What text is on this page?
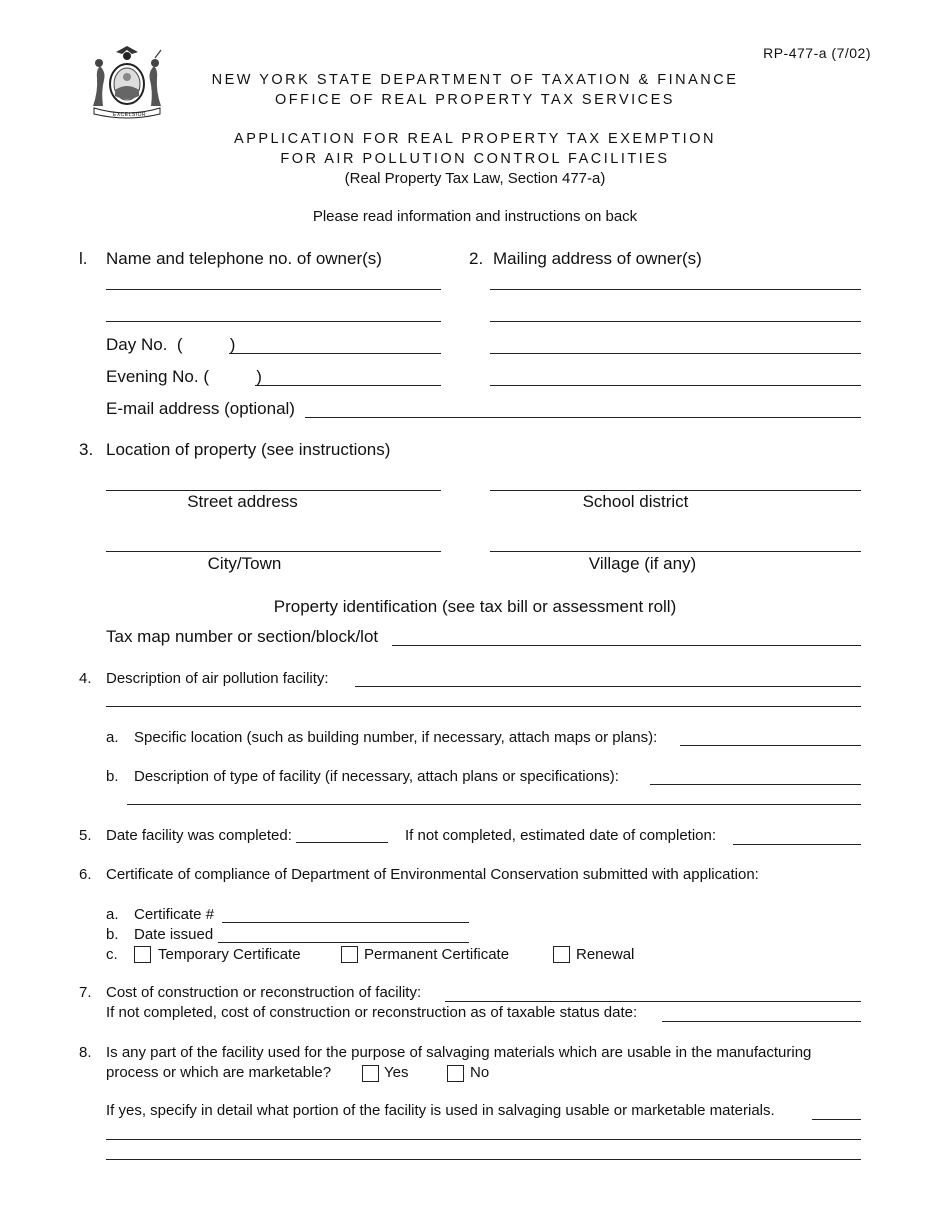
EXCELSIOR
RP-477-a (7/02)
NEW YORK STATE DEPARTMENT OF TAXATION & FINANCE
OFFICE OF REAL PROPERTY TAX SERVICES
APPLICATION FOR REAL PROPERTY TAX EXEMPTION
FOR AIR POLLUTION CONTROL FACILITIES
(Real Property Tax Law, Section 477-a)
Please read information and instructions on back
l. Name and telephone no. of owner(s)
Day No.  (          )
Evening No. (          )
E-mail address (optional)
2. Mailing address of owner(s)
3. Location of property (see instructions)
Street address	School district
City/Town	Village (if any)
Property identification (see tax bill or assessment roll)
Tax map number or section/block/lot
4. Description of air pollution facility:
a. Specific location (such as building number, if necessary, attach maps or plans):
b. Description of type of facility (if necessary, attach plans or specifications):
5. Date facility was completed: ___________ If not completed, estimated date of completion:
6. Certificate of compliance of Department of Environmental Conservation submitted with application:
a. Certificate #
b. Date issued
c.	Temporary Certificate	Permanent Certificate	Renewal
7. Cost of construction or reconstruction of facility:
If not completed, cost of construction or reconstruction as of taxable status date:
8. Is any part of the facility used for the purpose of salvaging materials which are usable in the manufacturing
process or which are marketable?	Yes	No
If yes, specify in detail what portion of the facility is used in salvaging usable or marketable materials.
